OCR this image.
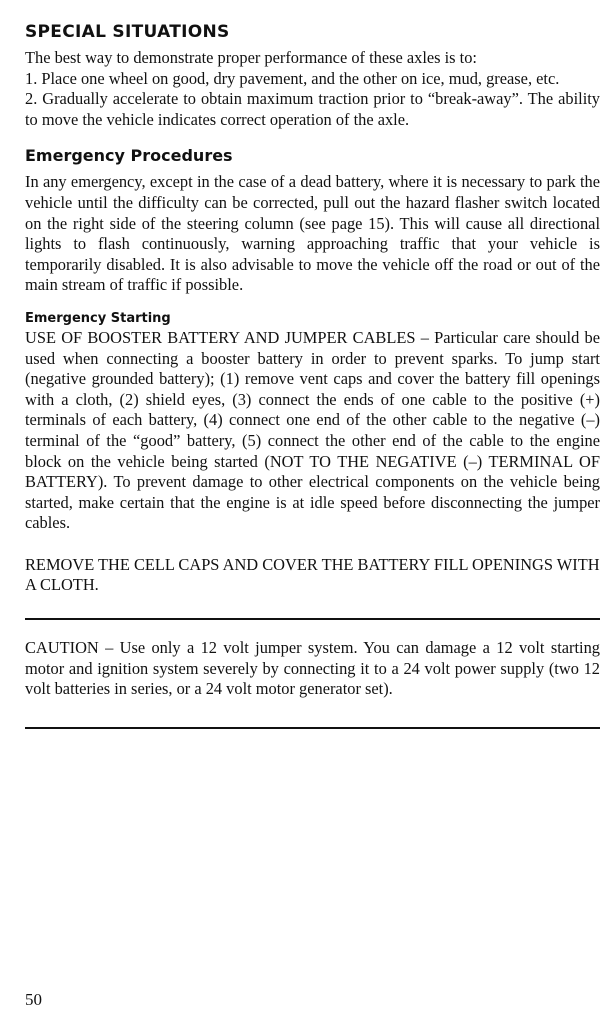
SPECIAL SITUATIONS

The best way to demonstrate proper performance of these axles is to:

1. Place one wheel on good, dry pavement, and the other on ice, mud, grease, etc.

2. Gradually accelerate to obtain maximum traction prior to “break-away”. The ability to move the vehicle indicates correct operation of the axle.

Emergency Procedures

In any emergency, except in the case of a dead battery, where it is necessary to park the vehicle until the difficulty can be corrected, pull out the hazard flasher switch located on the right side of the steering column (see page 15). This will cause all directional lights to flash continuously, warning approaching traffic that your vehicle is temporarily disabled. It is also advisable to move the vehicle off the road or out of the main stream of traffic if possible.

Emergency Starting

USE OF BOOSTER BATTERY AND JUMPER CABLES – Particular care should be used when connecting a booster battery in order to prevent sparks. To jump start (negative grounded battery); (1) remove vent caps and cover the battery fill openings with a cloth, (2) shield eyes, (3) connect the ends of one cable to the positive (+) terminals of each battery, (4) connect one end of the other cable to the negative (–) terminal of the “good” battery, (5) connect the other end of the cable to the engine block on the vehicle being started (NOT TO THE NEGATIVE (–) TERMINAL OF BATTERY). To prevent damage to other electrical components on the vehicle being started, make certain that the engine is at idle speed before disconnecting the jumper cables.

REMOVE THE CELL CAPS AND COVER THE BATTERY FILL OPENINGS WITH A CLOTH.

CAUTION – Use only a 12 volt jumper system. You can damage a 12 volt starting motor and ignition system severely by connecting it to a 24 volt power supply (two 12 volt batteries in series, or a 24 volt motor generator set).

50
